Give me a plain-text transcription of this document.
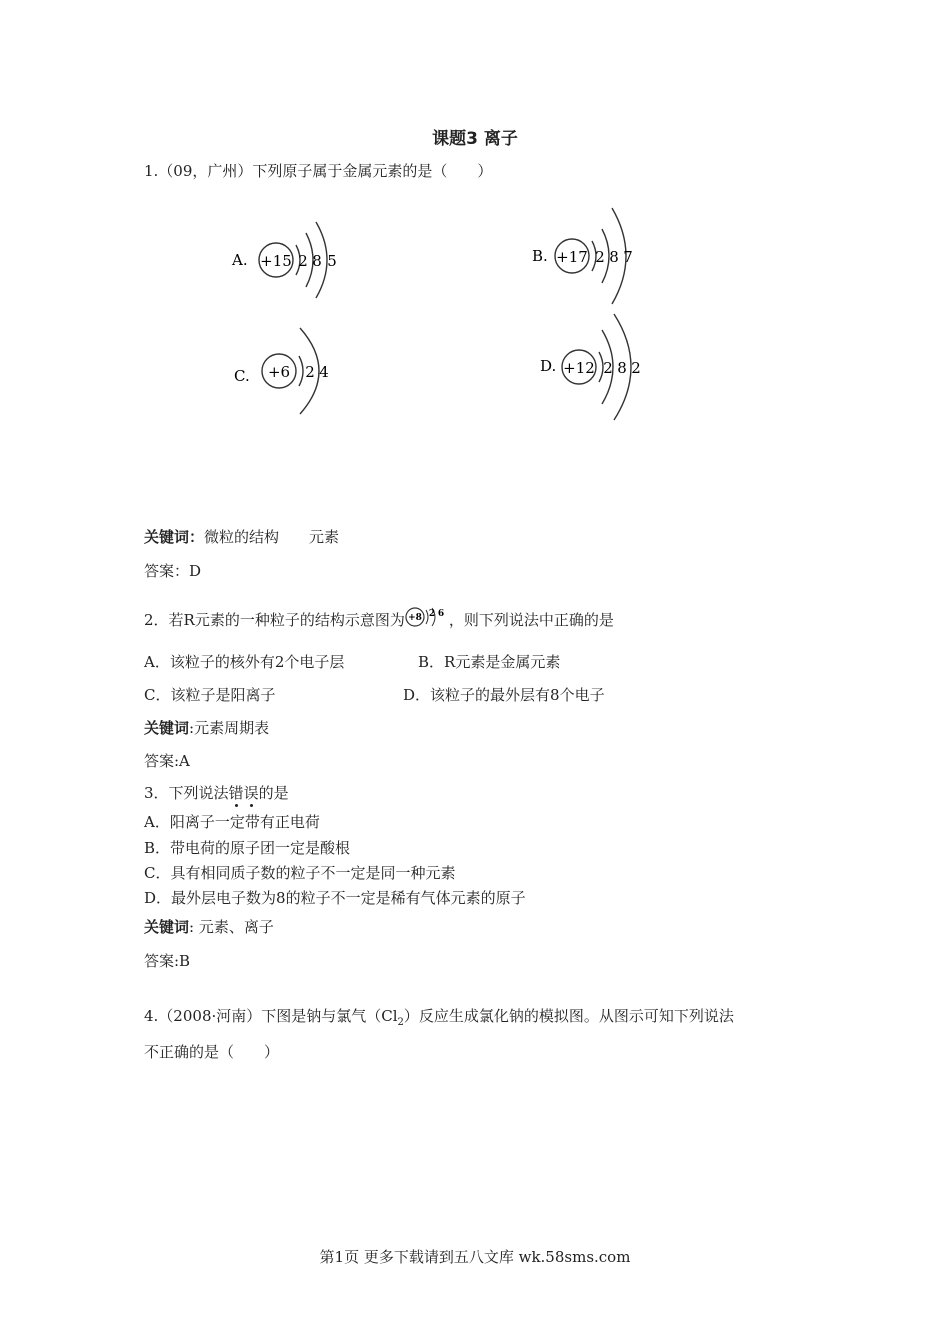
课题3 离子
1.（09，广州）下列原子属于金属元素的是（　　）
A. +15 2 8 5	B. +17 2 8 7
C. +6 2 4	D. +12 2 8 2
关键词：微粒的结构　　元素
答案：D
2．若R元素的一种粒子的结构示意图为 +8 2 6 ，则下列说法中正确的是
A．该粒子的核外有2个电子层	B．R元素是金属元素
C．该粒子是阳离子	D．该粒子的最外层有8个电子
关键词:元素周期表
答案:A
3．下列说法错误的是
A．阳离子一定带有正电荷
B．带电荷的原子团一定是酸根
C．具有相同质子数的粒子不一定是同一种元素
D．最外层电子数为8的粒子不一定是稀有气体元素的原子
关键词: 元素、离子
答案:B
4.（2008·河南）下图是钠与氯气$(Cl_2)$反应生成氯化钠的模拟图。从图示可知下列说法
不正确的是（　　）
第1页 更多下载请到五八文库 wk.58sms.com
